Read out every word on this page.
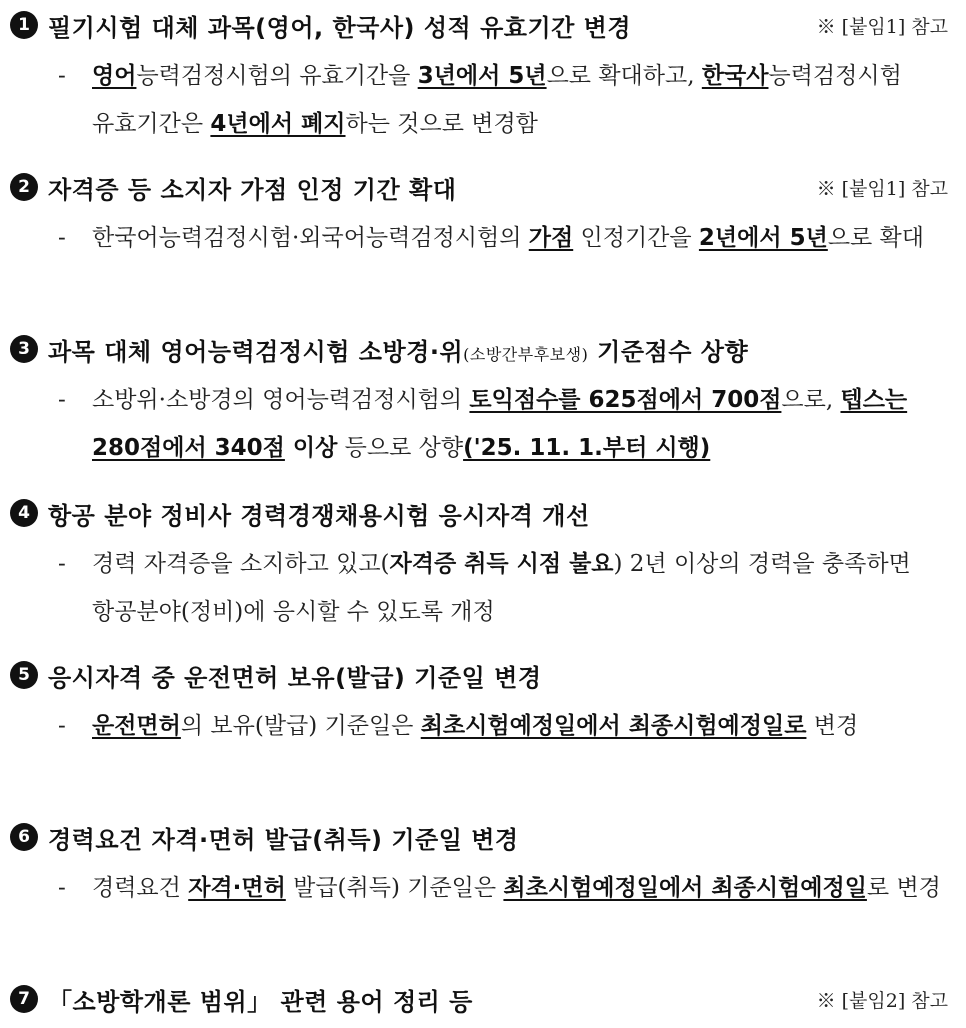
1 필기시험 대체 과목(영어, 한국사) 성적 유효기간 변경	※ [붙임1] 참고
- 영어능력검정시험의 유효기간을 3년에서 5년으로 확대하고, 한국사능력검정시험 유효기간은 4년에서 폐지하는 것으로 변경함
2 자격증 등 소지자 가점 인정 기간 확대	※ [붙임1] 참고
- 한국어능력검정시험·외국어능력검정시험의 가점 인정기간을 2년에서 5년으로 확대
3 과목 대체 영어능력검정시험 소방경·위(소방간부후보생) 기준점수 상향
- 소방위·소방경의 영어능력검정시험의 토익점수를 625점에서 700점으로, 텝스는 280점에서 340점 이상 등으로 상향('25. 11. 1.부터 시행)
4 항공 분야 정비사 경력경쟁채용시험 응시자격 개선
- 경력 자격증을 소지하고 있고(자격증 취득 시점 불요) 2년 이상의 경력을 충족하면 항공분야(정비)에 응시할 수 있도록 개정
5 응시자격 중 운전면허 보유(발급) 기준일 변경
- 운전면허의 보유(발급) 기준일은 최초시험예정일에서 최종시험예정일로 변경
6 경력요건 자격·면허 발급(취득) 기준일 변경
- 경력요건 자격·면허 발급(취득) 기준일은 최초시험예정일에서 최종시험예정일로 변경
7 「소방학개론 범위」 관련 용어 정리 등	※ [붙임2] 참고
